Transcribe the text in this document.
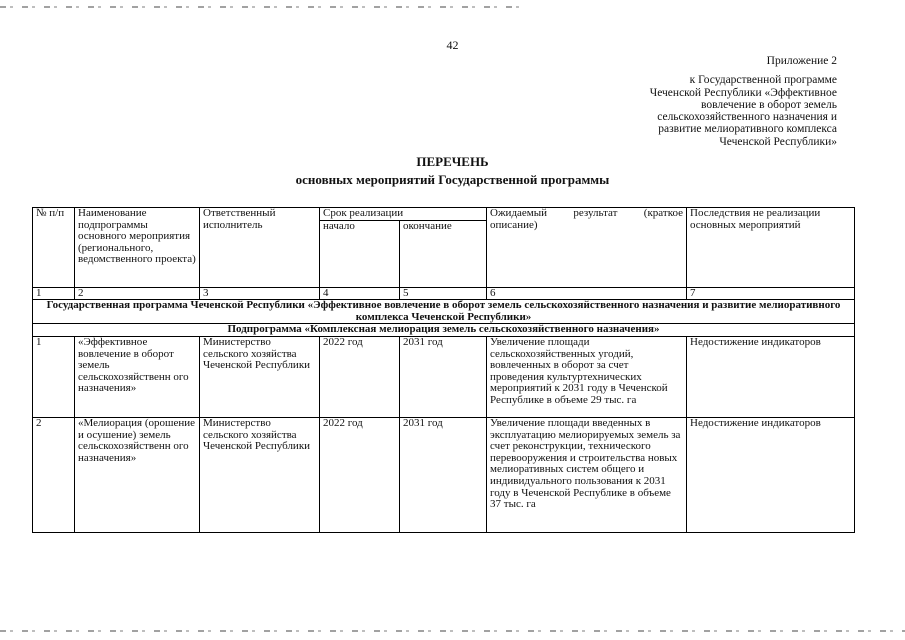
42
Приложение 2
к Государственной программе
Чеченской Республики «Эффективное
вовлечение в оборот земель
сельскохозяйственного назначения и
развитие мелиоративного комплекса
Чеченской Республики»
ПЕРЕЧЕНЬ
основных мероприятий Государственной программы
№ п/п	Наименование подпрограммы основного мероприятия (регионального, ведомственного проекта)	Ответственный исполнитель	Срок реализации		Ожидаемый результат (краткое описание)	Последствия не реализации основных мероприятий
			начало	окончание		
1	2	3	4	5	6	7
Государственная программа Чеченской Республики «Эффективное вовлечение в оборот земель сельскохозяйственного назначения и развитие мелиоративного комплекса Чеченской Республики»						
Подпрограмма «Комплексная мелиорация земель сельскохозяйственного назначения»						
1	«Эффективное вовлечение в оборот земель сельскохозяйственн ого назначения»	Министерство сельского хозяйства Чеченской Республики	2022 год	2031 год	Увеличение площади сельскохозяйственных угодий, вовлеченных в оборот за счет проведения культуртехнических мероприятий к 2031 году в Чеченской Республике в объеме 29 тыс. га	Недостижение индикаторов
2	«Мелиорация (орошение и осушение) земель сельскохозяйственн ого назначения»	Министерство сельского хозяйства Чеченской Республики	2022 год	2031 год	Увеличение площади введенных в эксплуатацию мелиорируемых земель за счет реконструкции, технического перевооружения и строительства новых мелиоративных систем общего и индивидуального пользования к 2031 году в Чеченской Республике в объеме 37 тыс. га	Недостижение индикаторов
